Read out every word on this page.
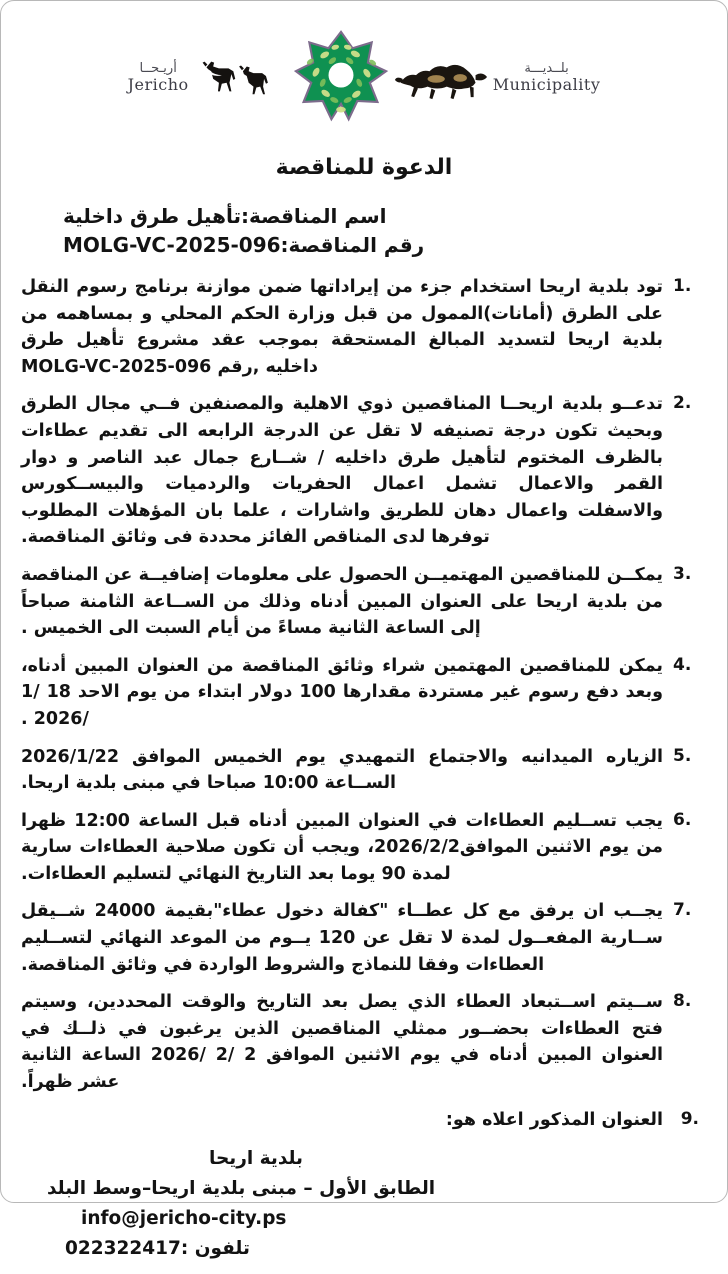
أريـحــا
Jericho
بلــديـــة
Municipality
الدعوة للمناقصة
اسم المناقصة:تأهيل طرق داخلية
رقم المناقصة:MOLG-VC-2025-096
تود بلدية اريحا استخدام جزء من إيراداتها ضمن موازنة برنامج رسوم النقل على الطرق (أمانات)الممول من قبل وزارة الحكم المحلي و بمساهمه من بلدية اريحا لتسديد المبالغ المستحقة بموجب عقد مشروع تأهيل طرق داخليه ,رقم MOLG-VC-2025-096
تدعــو بلدية اريحــا المناقصين ذوي الاهلية والمصنفين فــي مجال الطرق وبحيث تكون درجة تصنيفه لا تقل عن الدرجة الرابعه الى تقديم عطاءات بالظرف المختوم لتأهيل طرق داخليه / شــارع جمال عبد الناصر و دوار القمر والاعمال تشمل اعمال الحفريات والردميات والبيســكورس والاسفلت واعمال دهان للطريق واشارات ، علما بان المؤهلات المطلوب توفرها لدى المناقص الفائز محددة فى وثائق المناقصة.
يمكــن للمناقصين المهتميــن الحصول على معلومات إضافيــة عن المناقصة من بلدية اريحا على العنوان المبين أدناه وذلك من الســاعة الثامنة صباحاً إلى الساعة الثانية مساءً من أيام السبت الى الخميس .
يمكن للمناقصين المهتمين شراء وثائق المناقصة من العنوان المبين أدناه، وبعد دفع رسوم غير مستردة مقدارها 100 دولار ابتداء من يوم الاحد 18 /1 /2026 .
الزياره الميدانيه والاجتماع التمهيدي يوم الخميس الموافق 2026/1/22 الســاعة 10:00 صباحا في مبنى بلدية اريحا.
يجب تســليم العطاءات في العنوان المبين أدناه قبل الساعة 12:00 ظهرا من يوم الاثنين الموافق2026/2/2، ويجب أن تكون صلاحية العطاءات سارية لمدة 90 يوما بعد التاريخ النهائي لتسليم العطاءات.
يجــب ان يرفق مع كل عطــاء "كفالة دخول عطاء"بقيمة 24000 شــيقل ســارية المفعــول لمدة لا تقل عن 120 يــوم من الموعد النهائي لتســليم العطاءات وفقا للنماذج والشروط الواردة في وثائق المناقصة.
ســيتم اســتبعاد العطاء الذي يصل بعد التاريخ والوقت المحددين، وسيتم فتح العطاءات بحضــور ممثلي المناقصين الذين يرغبون في ذلــك في العنوان المبين أدناه في يوم الاثنين الموافق 2 /2 /2026 الساعة الثانية عشر ظهراً.
العنوان المذكور اعلاه هو:
بلدية اريحا
الطابق الأول – مبنى بلدية اريحا–وسط البلد
info@jericho-city.ps
تلفون :022322417
